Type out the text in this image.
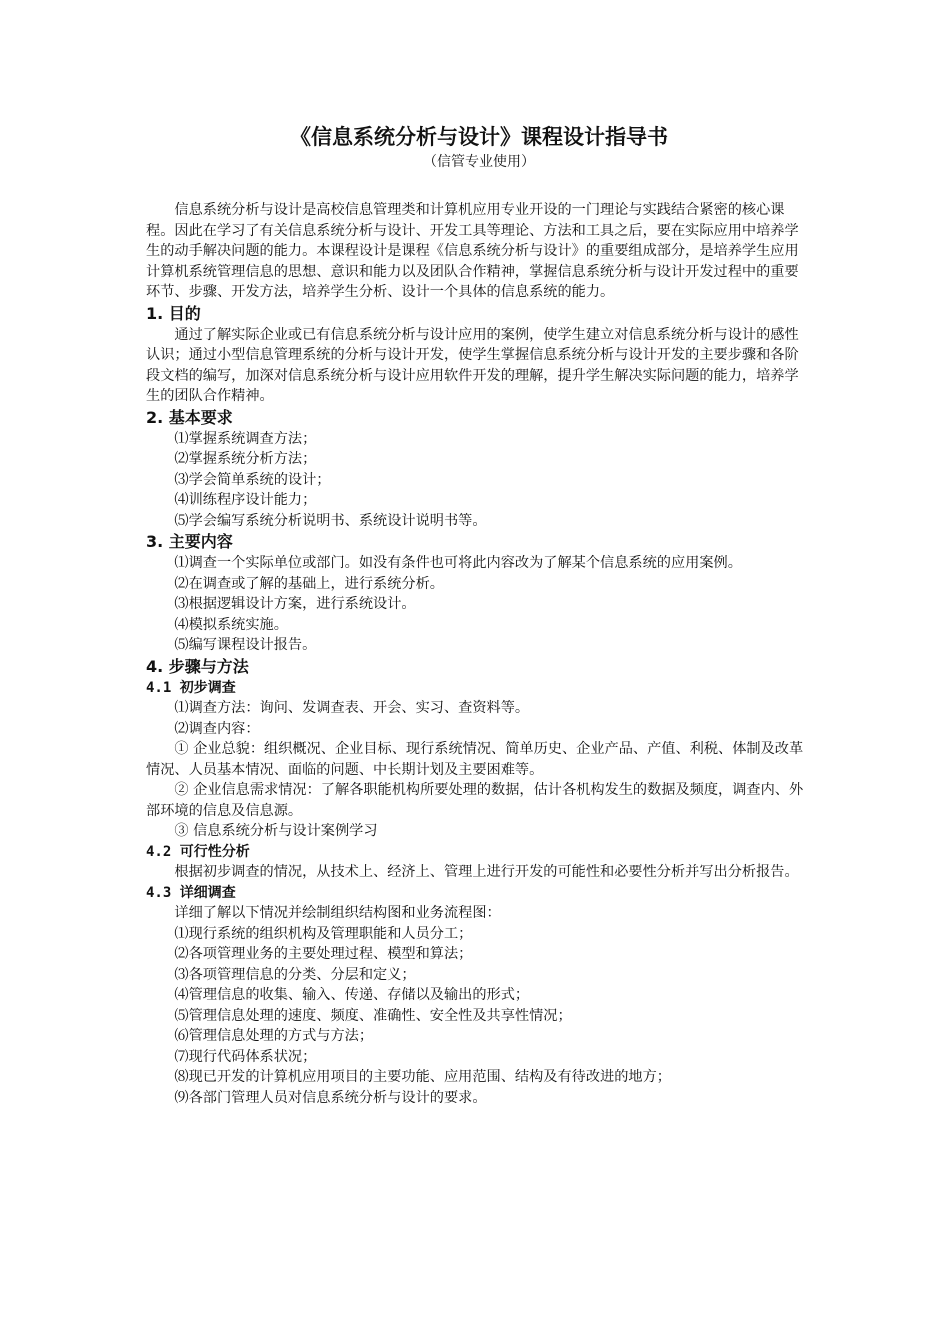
《信息系统分析与设计》课程设计指导书

（信管专业使用）

信息系统分析与设计是高校信息管理类和计算机应用专业开设的一门理论与实践结合紧密的核心课程。因此在学习了有关信息系统分析与设计、开发工具等理论、方法和工具之后，要在实际应用中培养学生的动手解决问题的能力。本课程设计是课程《信息系统分析与设计》的重要组成部分，是培养学生应用计算机系统管理信息的思想、意识和能力以及团队合作精神，掌握信息系统分析与设计开发过程中的重要环节、步骤、开发方法，培养学生分析、设计一个具体的信息系统的能力。

1. 目的

通过了解实际企业或已有信息系统分析与设计应用的案例，使学生建立对信息系统分析与设计的感性认识；通过小型信息管理系统的分析与设计开发，使学生掌握信息系统分析与设计开发的主要步骤和各阶段文档的编写，加深对信息系统分析与设计应用软件开发的理解，提升学生解决实际问题的能力，培养学生的团队合作精神。

2. 基本要求

⑴掌握系统调查方法；

⑵掌握系统分析方法；

⑶学会简单系统的设计；

⑷训练程序设计能力；

⑸学会编写系统分析说明书、系统设计说明书等。

3. 主要内容

⑴调查一个实际单位或部门。如没有条件也可将此内容改为了解某个信息系统的应用案例。

⑵在调查或了解的基础上，进行系统分析。

⑶根据逻辑设计方案，进行系统设计。

⑷模拟系统实施。

⑸编写课程设计报告。

4. 步骤与方法

4.1 初步调查

⑴调查方法：询问、发调查表、开会、实习、查资料等。

⑵调查内容：

① 企业总貌：组织概况、企业目标、现行系统情况、简单历史、企业产品、产值、利税、体制及改革情况、人员基本情况、面临的问题、中长期计划及主要困难等。

② 企业信息需求情况：了解各职能机构所要处理的数据，估计各机构发生的数据及频度，调查内、外部环境的信息及信息源。

③ 信息系统分析与设计案例学习

4.2 可行性分析

根据初步调查的情况，从技术上、经济上、管理上进行开发的可能性和必要性分析并写出分析报告。

4.3 详细调查

详细了解以下情况并绘制组织结构图和业务流程图：

⑴现行系统的组织机构及管理职能和人员分工；

⑵各项管理业务的主要处理过程、模型和算法；

⑶各项管理信息的分类、分层和定义；

⑷管理信息的收集、输入、传递、存储以及输出的形式；

⑸管理信息处理的速度、频度、准确性、安全性及共享性情况；

⑹管理信息处理的方式与方法；

⑺现行代码体系状况；

⑻现已开发的计算机应用项目的主要功能、应用范围、结构及有待改进的地方；

⑼各部门管理人员对信息系统分析与设计的要求。
